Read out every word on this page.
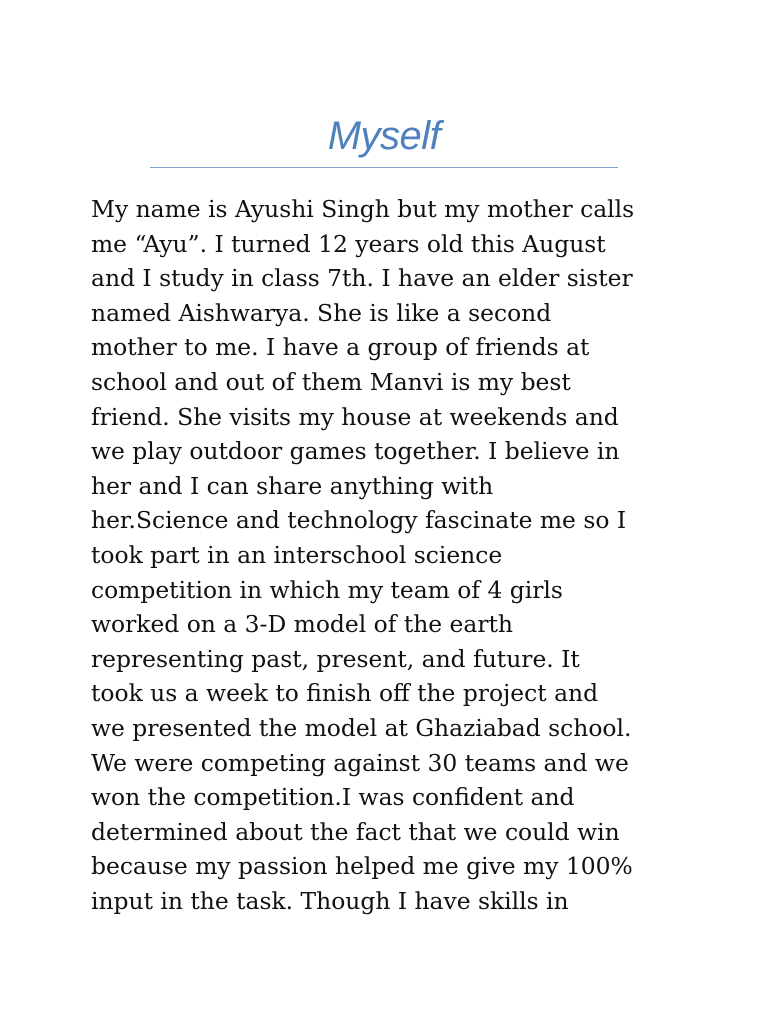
Myself

My name is Ayushi Singh but my mother calls
me “Ayu”. I turned 12 years old this August
and I study in class 7th. I have an elder sister
named Aishwarya. She is like a second
mother to me. I have a group of friends at
school and out of them Manvi is my best
friend. She visits my house at weekends and
we play outdoor games together. I believe in
her and I can share anything with
her.Science and technology fascinate me so I
took part in an interschool science
competition in which my team of 4 girls
worked on a 3-D model of the earth
representing past, present, and future. It
took us a week to finish off the project and
we presented the model at Ghaziabad school.
We were competing against 30 teams and we
won the competition.I was confident and
determined about the fact that we could win
because my passion helped me give my 100%
input in the task. Though I have skills in
